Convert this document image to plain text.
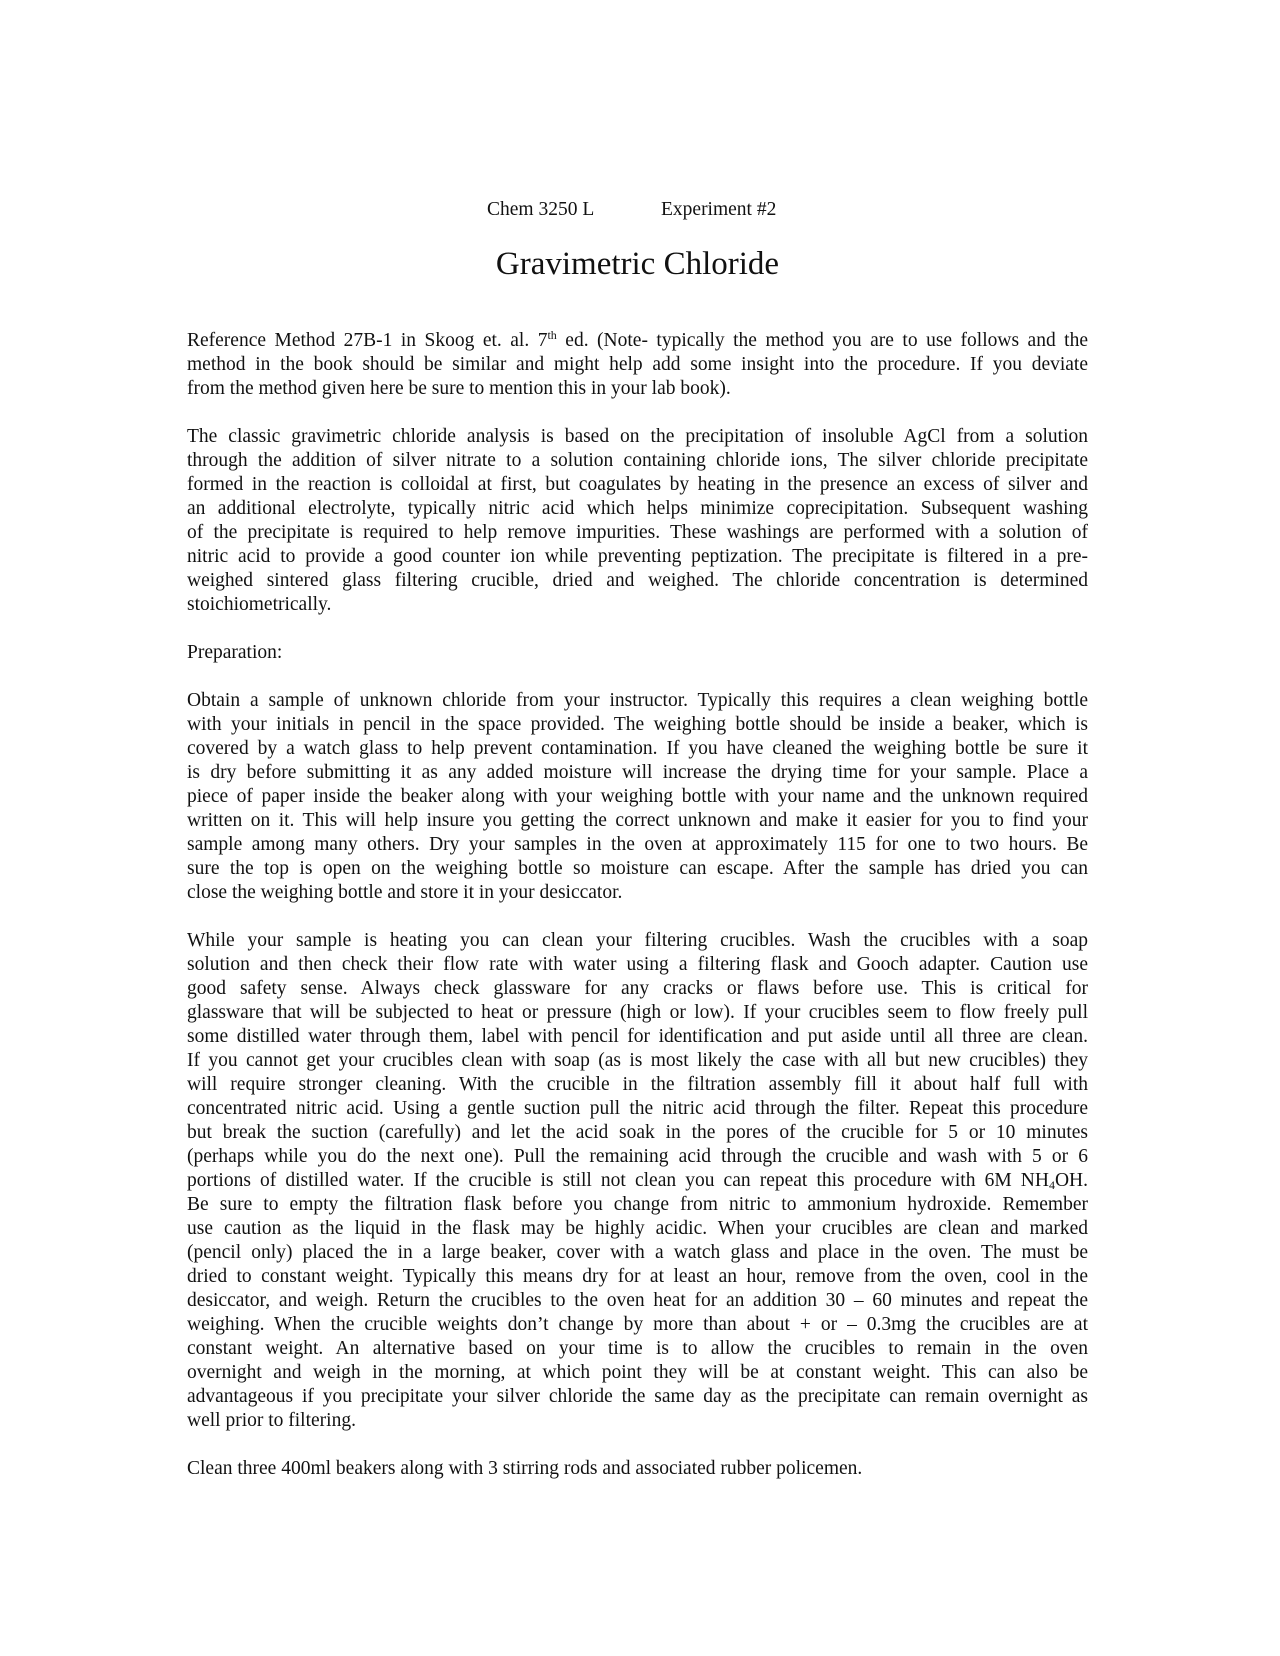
Chem 3250 L	Experiment #2
Gravimetric Chloride
Reference Method 27B-1 in Skoog et. al. 7th ed. (Note- typically the method you are to use follows and the
method in the book should be similar and might help add some insight into the procedure. If you deviate
from the method given here be sure to mention this in your lab book).
The classic gravimetric chloride analysis is based on the precipitation of insoluble AgCl from a solution
through the addition of silver nitrate to a solution containing chloride ions, The silver chloride precipitate
formed in the reaction is colloidal at first, but coagulates by heating in the presence an excess of silver and
an additional electrolyte, typically nitric acid which helps minimize coprecipitation. Subsequent washing
of the precipitate is required to help remove impurities. These washings are performed with a solution of
nitric acid to provide a good counter ion while preventing peptization. The precipitate is filtered in a pre-
weighed sintered glass filtering crucible, dried and weighed. The chloride concentration is determined
stoichiometrically.
Preparation:
Obtain a sample of unknown chloride from your instructor. Typically this requires a clean weighing bottle
with your initials in pencil in the space provided. The weighing bottle should be inside a beaker, which is
covered by a watch glass to help prevent contamination. If you have cleaned the weighing bottle be sure it
is dry before submitting it as any added moisture will increase the drying time for your sample. Place a
piece of paper inside the beaker along with your weighing bottle with your name and the unknown required
written on it. This will help insure you getting the correct unknown and make it easier for you to find your
sample among many others. Dry your samples in the oven at approximately 115 for one to two hours. Be
sure the top is open on the weighing bottle so moisture can escape. After the sample has dried you can
close the weighing bottle and store it in your desiccator.
While your sample is heating you can clean your filtering crucibles. Wash the crucibles with a soap
solution and then check their flow rate with water using a filtering flask and Gooch adapter. Caution use
good safety sense. Always check glassware for any cracks or flaws before use. This is critical for
glassware that will be subjected to heat or pressure (high or low). If your crucibles seem to flow freely pull
some distilled water through them, label with pencil for identification and put aside until all three are clean.
If you cannot get your crucibles clean with soap (as is most likely the case with all but new crucibles) they
will require stronger cleaning. With the crucible in the filtration assembly fill it about half full with
concentrated nitric acid. Using a gentle suction pull the nitric acid through the filter. Repeat this procedure
but break the suction (carefully) and let the acid soak in the pores of the crucible for 5 or 10 minutes
(perhaps while you do the next one). Pull the remaining acid through the crucible and wash with 5 or 6
portions of distilled water. If the crucible is still not clean you can repeat this procedure with 6M $NH_4OH$.
Be sure to empty the filtration flask before you change from nitric to ammonium hydroxide. Remember
use caution as the liquid in the flask may be highly acidic. When your crucibles are clean and marked
(pencil only) placed the in a large beaker, cover with a watch glass and place in the oven. The must be
dried to constant weight. Typically this means dry for at least an hour, remove from the oven, cool in the
desiccator, and weigh. Return the crucibles to the oven heat for an addition 30 – 60 minutes and repeat the
weighing. When the crucible weights don’t change by more than about + or – 0.3mg the crucibles are at
constant weight. An alternative based on your time is to allow the crucibles to remain in the oven
overnight and weigh in the morning, at which point they will be at constant weight. This can also be
advantageous if you precipitate your silver chloride the same day as the precipitate can remain overnight as
well prior to filtering.
Clean three 400ml beakers along with 3 stirring rods and associated rubber policemen.
